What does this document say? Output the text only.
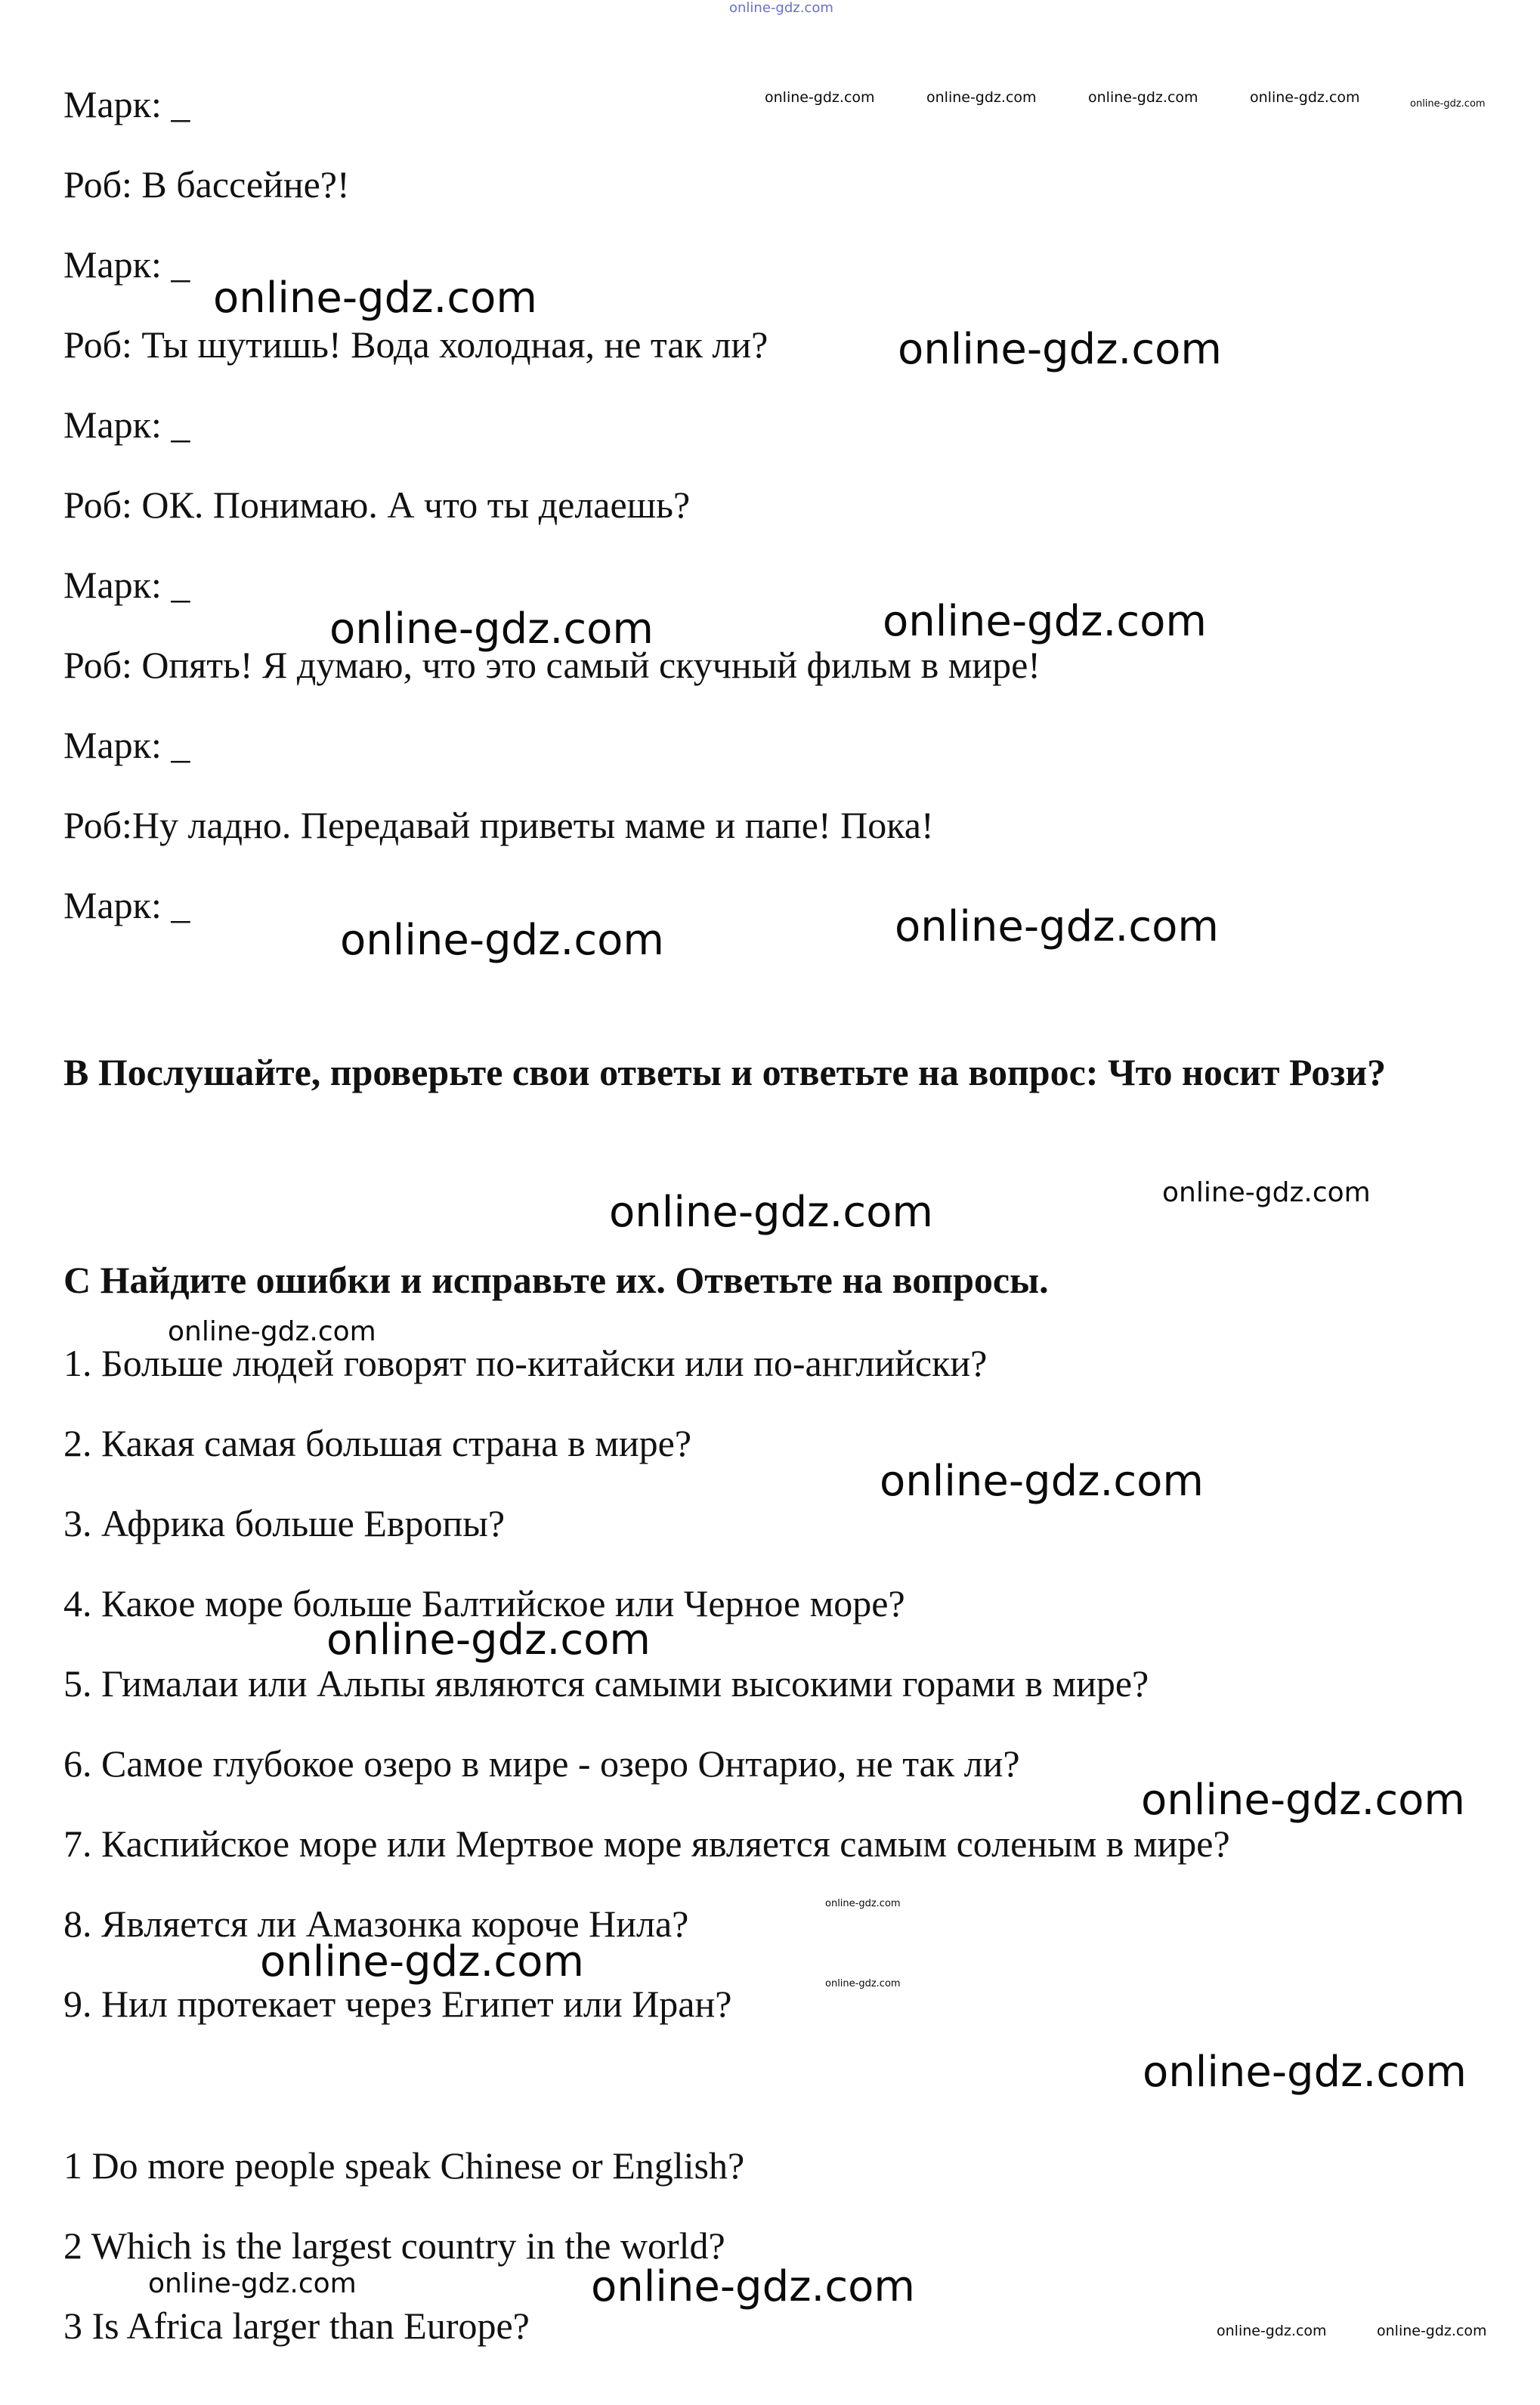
online-gdz.com
Марк: _
Роб: В бассейне?!
Марк: _
Роб: Ты шутишь! Вода холодная, не так ли?
Марк: _
Роб: ОК. Понимаю. А что ты делаешь?
Марк: _
Роб: Опять! Я думаю, что это самый скучный фильм в мире!
Марк: _
Роб:Ну ладно. Передавай приветы маме и папе! Пока!
Марк: _
В Послушайте, проверьте свои ответы и ответьте на вопрос: Что носит Рози?
С Найдите ошибки и исправьте их. Ответьте на вопросы.
1. Больше людей говорят по-китайски или по-английски?
2. Какая самая большая страна в мире?
3. Африка больше Европы?
4. Какое море больше Балтийское или Черное море?
5. Гималаи или Альпы являются самыми высокими горами в мире?
6. Самое глубокое озеро в мире - озеро Онтарио, не так ли?
7. Каспийское море или Мертвое море является самым соленым в мире?
8. Является ли Амазонка короче Нила?
9. Нил протекает через Египет или Иран?
1 Do more people speak Chinese or English?
2 Which is the largest country in the world?
3 Is Africa larger than Europe?
online-gdz.com	online-gdz.com	online-gdz.com	online-gdz.com	online-gdz.com
online-gdz.com
online-gdz.com
online-gdz.com	online-gdz.com
online-gdz.com	online-gdz.com
online-gdz.com	online-gdz.com
online-gdz.com
online-gdz.com
online-gdz.com
online-gdz.com
online-gdz.com
online-gdz.com	online-gdz.com
online-gdz.com
online-gdz.com	online-gdz.com
online-gdz.com	online-gdz.com
